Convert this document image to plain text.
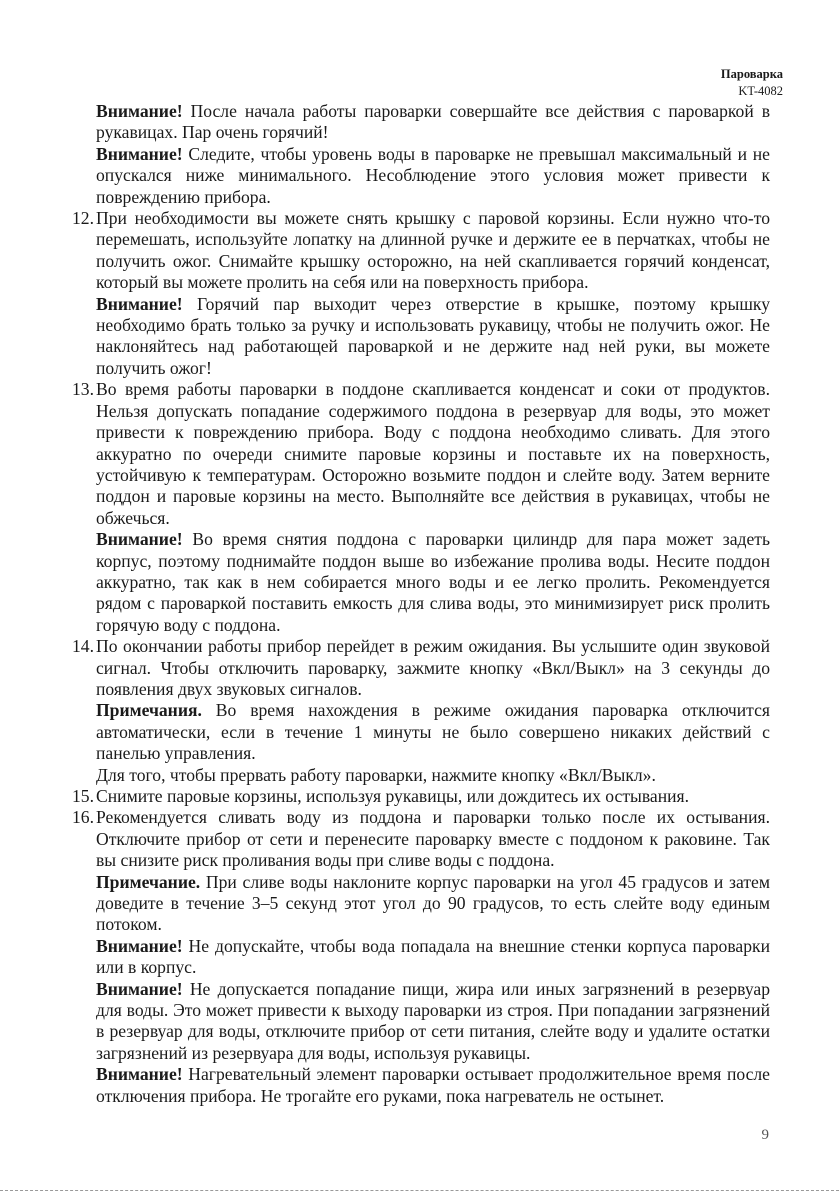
Пароварка
KT-4082

Внимание! После начала работы пароварки совершайте все действия с пароваркой в рукавицах. Пар очень горячий!

Внимание! Следите, чтобы уровень воды в пароварке не превышал максимальный и не опускался ниже минимального. Несоблюдение этого условия может привести к повреждению прибора.

12. При необходимости вы можете снять крышку с паровой корзины. Если нужно что-то перемешать, используйте лопатку на длинной ручке и держите ее в перчатках, чтобы не получить ожог. Снимайте крышку осторожно, на ней скапливается горячий конденсат, который вы можете пролить на себя или на поверхность прибора.

Внимание! Горячий пар выходит через отверстие в крышке, поэтому крышку необходимо брать только за ручку и использовать рукавицу, чтобы не получить ожог. Не наклоняйтесь над работающей пароваркой и не держите над ней руки, вы можете получить ожог!

13. Во время работы пароварки в поддоне скапливается конденсат и соки от продуктов. Нельзя допускать попадание содержимого поддона в резервуар для воды, это может привести к повреждению прибора. Воду с поддона необходимо сливать. Для этого аккуратно по очереди снимите паровые корзины и поставьте их на поверхность, устойчивую к температурам. Осторожно возьмите поддон и слейте воду. Затем верните поддон и паровые корзины на место. Выполняйте все действия в рукавицах, чтобы не обжечься.

Внимание! Во время снятия поддона с пароварки цилиндр для пара может задеть корпус, поэтому поднимайте поддон выше во избежание пролива воды. Несите поддон аккуратно, так как в нем собирается много воды и ее легко пролить. Рекомендуется рядом с пароваркой поставить емкость для слива воды, это минимизирует риск пролить горячую воду с поддона.

14. По окончании работы прибор перейдет в режим ожидания. Вы услышите один звуковой сигнал. Чтобы отключить пароварку, зажмите кнопку «Вкл/Выкл» на 3 секунды до появления двух звуковых сигналов.

Примечания. Во время нахождения в режиме ожидания пароварка отключится автоматически, если в течение 1 минуты не было совершено никаких действий с панелью управления.

Для того, чтобы прервать работу пароварки, нажмите кнопку «Вкл/Выкл».

15. Снимите паровые корзины, используя рукавицы, или дождитесь их остывания.

16. Рекомендуется сливать воду из поддона и пароварки только после их остывания. Отключите прибор от сети и перенесите пароварку вместе с поддоном к раковине. Так вы снизите риск проливания воды при сливе воды с поддона.

Примечание. При сливе воды наклоните корпус пароварки на угол 45 градусов и затем доведите в течение 3–5 секунд этот угол до 90 градусов, то есть слейте воду единым потоком.

Внимание! Не допускайте, чтобы вода попадала на внешние стенки корпуса пароварки или в корпус.

Внимание! Не допускается попадание пищи, жира или иных загрязнений в резервуар для воды. Это может привести к выходу пароварки из строя. При попадании загрязнений в резервуар для воды, отключите прибор от сети питания, слейте воду и удалите остатки загрязнений из резервуара для воды, используя рукавицы.

Внимание! Нагревательный элемент пароварки остывает продолжительное время после отключения прибора. Не трогайте его руками, пока нагреватель не остынет.

9
